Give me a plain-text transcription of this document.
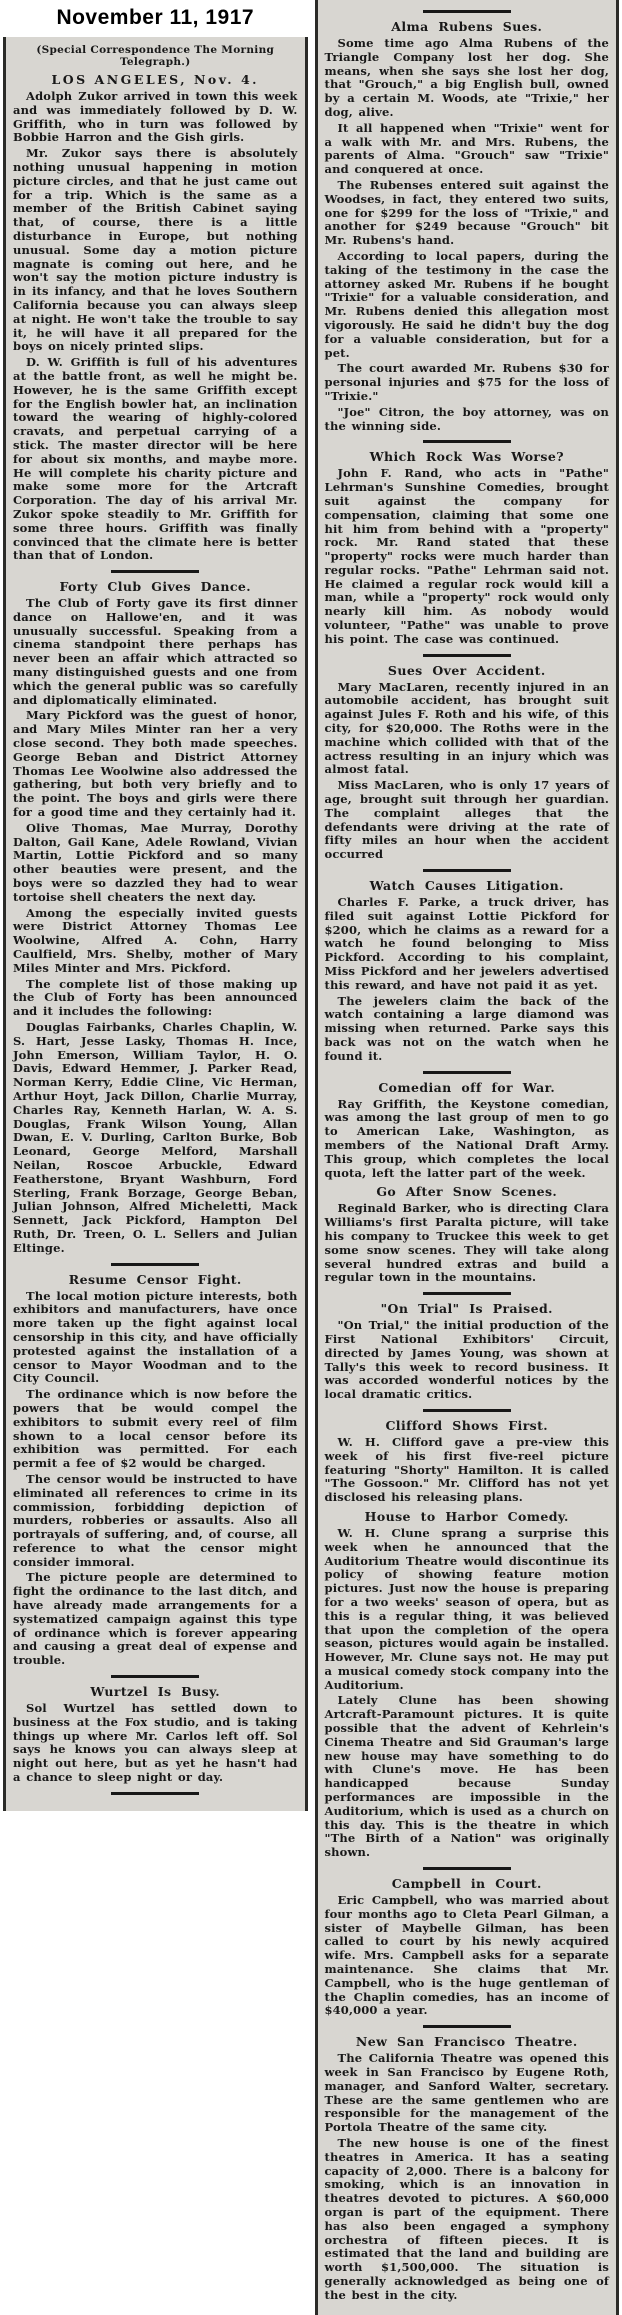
November 11, 1917

(Special Correspondence The Morning Telegraph.)

LOS ANGELES, Nov. 4.

Adolph Zukor arrived in town this week and was immediately followed by D. W. Griffith, who in turn was followed by Bobbie Harron and the Gish girls.

Mr. Zukor says there is absolutely nothing unusual happening in motion picture circles, and that he just came out for a trip. Which is the same as a member of the British Cabinet saying that, of course, there is a little disturbance in Europe, but nothing unusual. Some day a motion picture magnate is coming out here, and he won't say the motion picture industry is in its infancy, and that he loves Southern California because you can always sleep at night. He won't take the trouble to say it, he will have it all prepared for the boys on nicely printed slips.

D. W. Griffith is full of his adventures at the battle front, as well he might be. However, he is the same Griffith except for the English bowler hat, an inclination toward the wearing of highly-colored cravats, and perpetual carrying of a stick. The master director will be here for about six months, and maybe more. He will complete his charity picture and make some more for the Artcraft Corporation. The day of his arrival Mr. Zukor spoke steadily to Mr. Griffith for some three hours. Griffith was finally convinced that the climate here is better than that of London.

Forty Club Gives Dance.

The Club of Forty gave its first dinner dance on Hallowe'en, and it was unusually successful. Speaking from a cinema standpoint there perhaps has never been an affair which attracted so many distinguished guests and one from which the general public was so carefully and diplomatically eliminated.

Mary Pickford was the guest of honor, and Mary Miles Minter ran her a very close second. They both made speeches. George Beban and District Attorney Thomas Lee Woolwine also addressed the gathering, but both very briefly and to the point. The boys and girls were there for a good time and they certainly had it.

Olive Thomas, Mae Murray, Dorothy Dalton, Gail Kane, Adele Rowland, Vivian Martin, Lottie Pickford and so many other beauties were present, and the boys were so dazzled they had to wear tortoise shell cheaters the next day.

Among the especially invited guests were District Attorney Thomas Lee Woolwine, Alfred A. Cohn, Harry Caulfield, Mrs. Shelby, mother of Mary Miles Minter and Mrs. Pickford.

The complete list of those making up the Club of Forty has been announced and it includes the following:

Douglas Fairbanks, Charles Chaplin, W. S. Hart, Jesse Lasky, Thomas H. Ince, John Emerson, William Taylor, H. O. Davis, Edward Hemmer, J. Parker Read, Norman Kerry, Eddie Cline, Vic Herman, Arthur Hoyt, Jack Dillon, Charlie Murray, Charles Ray, Kenneth Harlan, W. A. S. Douglas, Frank Wilson Young, Allan Dwan, E. V. Durling, Carlton Burke, Bob Leonard, George Melford, Marshall Neilan, Roscoe Arbuckle, Edward Featherstone, Bryant Washburn, Ford Sterling, Frank Borzage, George Beban, Julian Johnson, Alfred Micheletti, Mack Sennett, Jack Pickford, Hampton Del Ruth, Dr. Treen, O. L. Sellers and Julian Eltinge.

Resume Censor Fight.

The local motion picture interests, both exhibitors and manufacturers, have once more taken up the fight against local censorship in this city, and have officially protested against the installation of a censor to Mayor Woodman and to the City Council.

The ordinance which is now before the powers that be would compel the exhibitors to submit every reel of film shown to a local censor before its exhibition was permitted. For each permit a fee of $2 would be charged.

The censor would be instructed to have eliminated all references to crime in its commission, forbidding depiction of murders, robberies or assaults. Also all portrayals of suffering, and, of course, all reference to what the censor might consider immoral.

The picture people are determined to fight the ordinance to the last ditch, and have already made arrangements for a systematized campaign against this type of ordinance which is forever appearing and causing a great deal of expense and trouble.

Wurtzel Is Busy.

Sol Wurtzel has settled down to business at the Fox studio, and is taking things up where Mr. Carlos left off. Sol says he knows you can always sleep at night out here, but as yet he hasn't had a chance to sleep night or day.

Alma Rubens Sues.

Some time ago Alma Rubens of the Triangle Company lost her dog. She means, when she says she lost her dog, that "Grouch," a big English bull, owned by a certain M. Woods, ate "Trixie," her dog, alive.

It all happened when "Trixie" went for a walk with Mr. and Mrs. Rubens, the parents of Alma. "Grouch" saw "Trixie" and conquered at once.

The Rubenses entered suit against the Woodses, in fact, they entered two suits, one for $299 for the loss of "Trixie," and another for $249 because "Grouch" bit Mr. Rubens's hand.

According to local papers, during the taking of the testimony in the case the attorney asked Mr. Rubens if he bought "Trixie" for a valuable consideration, and Mr. Rubens denied this allegation most vigorously. He said he didn't buy the dog for a valuable consideration, but for a pet.

The court awarded Mr. Rubens $30 for personal injuries and $75 for the loss of "Trixie."

"Joe" Citron, the boy attorney, was on the winning side.

Which Rock Was Worse?

John F. Rand, who acts in "Pathe" Lehrman's Sunshine Comedies, brought suit against the company for compensation, claiming that some one hit him from behind with a "property" rock. Mr. Rand stated that these "property" rocks were much harder than regular rocks. "Pathe" Lehrman said not. He claimed a regular rock would kill a man, while a "property" rock would only nearly kill him. As nobody would volunteer, "Pathe" was unable to prove his point. The case was continued.

Sues Over Accident.

Mary MacLaren, recently injured in an automobile accident, has brought suit against Jules F. Roth and his wife, of this city, for $20,000. The Roths were in the machine which collided with that of the actress resulting in an injury which was almost fatal.

Miss MacLaren, who is only 17 years of age, brought suit through her guardian. The complaint alleges that the defendants were driving at the rate of fifty miles an hour when the accident occurred

Watch Causes Litigation.

Charles F. Parke, a truck driver, has filed suit against Lottie Pickford for $200, which he claims as a reward for a watch he found belonging to Miss Pickford. According to his complaint, Miss Pickford and her jewelers advertised this reward, and have not paid it as yet.

The jewelers claim the back of the watch containing a large diamond was missing when returned. Parke says this back was not on the watch when he found it.

Comedian off for War.

Ray Griffith, the Keystone comedian, was among the last group of men to go to American Lake, Washington, as members of the National Draft Army. This group, which completes the local quota, left the latter part of the week.

Go After Snow Scenes.

Reginald Barker, who is directing Clara Williams's first Paralta picture, will take his company to Truckee this week to get some snow scenes. They will take along several hundred extras and build a regular town in the mountains.

"On Trial" Is Praised.

"On Trial," the initial production of the First National Exhibitors' Circuit, directed by James Young, was shown at Tally's this week to record business. It was accorded wonderful notices by the local dramatic critics.

Clifford Shows First.

W. H. Clifford gave a pre-view this week of his first five-reel picture featuring "Shorty" Hamilton. It is called "The Gossoon." Mr. Clifford has not yet disclosed his releasing plans.

House to Harbor Comedy.

W. H. Clune sprang a surprise this week when he announced that the Auditorium Theatre would discontinue its policy of showing feature motion pictures. Just now the house is preparing for a two weeks' season of opera, but as this is a regular thing, it was believed that upon the completion of the opera season, pictures would again be installed. However, Mr. Clune says not. He may put a musical comedy stock company into the Auditorium.

Lately Clune has been showing Artcraft-Paramount pictures. It is quite possible that the advent of Kehrlein's Cinema Theatre and Sid Grauman's large new house may have something to do with Clune's move. He has been handicapped because Sunday performances are impossible in the Auditorium, which is used as a church on this day. This is the theatre in which "The Birth of a Nation" was originally shown.

Campbell in Court.

Eric Campbell, who was married about four months ago to Cleta Pearl Gilman, a sister of Maybelle Gilman, has been called to court by his newly acquired wife. Mrs. Campbell asks for a separate maintenance. She claims that Mr. Campbell, who is the huge gentleman of the Chaplin comedies, has an income of $40,000 a year.

New San Francisco Theatre.

The California Theatre was opened this week in San Francisco by Eugene Roth, manager, and Sanford Walter, secretary. These are the same gentlemen who are responsible for the management of the Portola Theatre of the same city.

The new house is one of the finest theatres in America. It has a seating capacity of 2,000. There is a balcony for smoking, which is an innovation in theatres devoted to pictures. A $60,000 organ is part of the equipment. There has also been engaged a symphony orchestra of fifteen pieces. It is estimated that the land and building are worth $1,500,000. The situation is generally acknowledged as being one of the best in the city.
